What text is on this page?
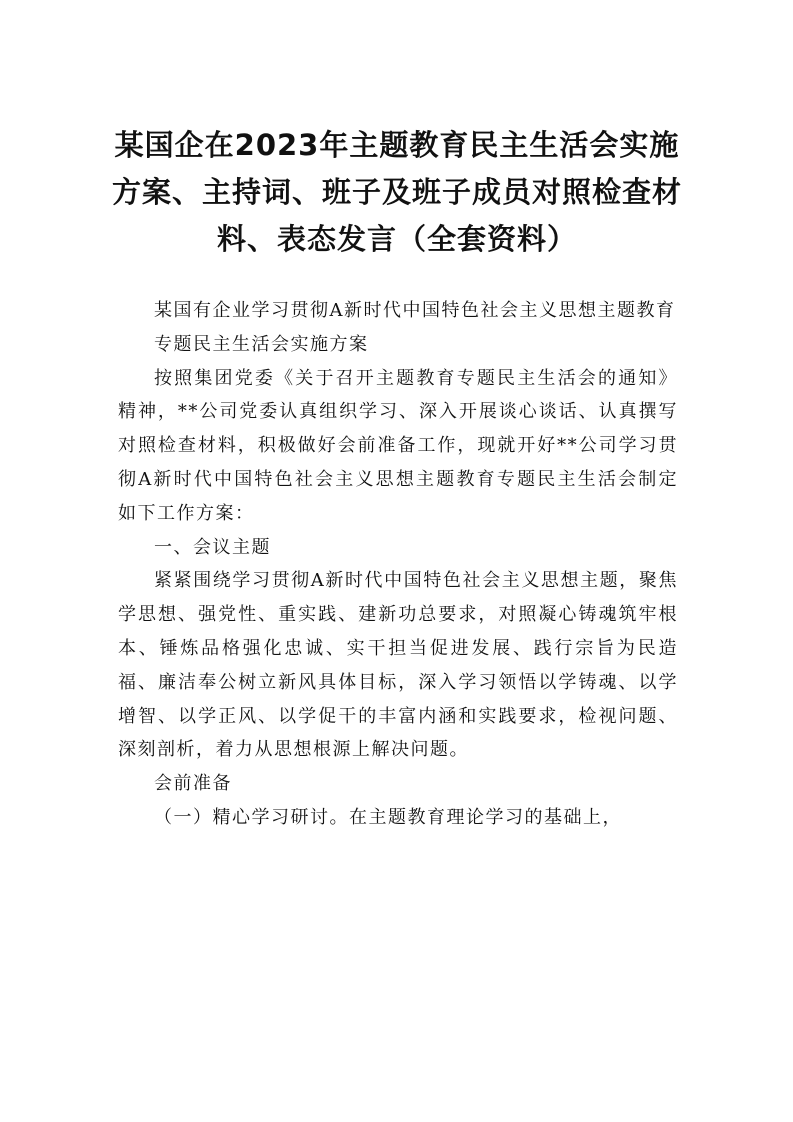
某国企在2023年主题教育民主生活会实施方案、主持词、班子及班子成员对照检查材料、表态发言（全套资料）

某国有企业学习贯彻A新时代中国特色社会主义思想主题教育

专题民主生活会实施方案

按照集团党委《关于召开主题教育专题民主生活会的通知》精神，**公司党委认真组织学习、深入开展谈心谈话、认真撰写对照检查材料，积极做好会前准备工作，现就开好**公司学习贯彻A新时代中国特色社会主义思想主题教育专题民主生活会制定如下工作方案：

一、会议主题

紧紧围绕学习贯彻A新时代中国特色社会主义思想主题，聚焦学思想、强党性、重实践、建新功总要求，对照凝心铸魂筑牢根本、锤炼品格强化忠诚、实干担当促进发展、践行宗旨为民造福、廉洁奉公树立新风具体目标，深入学习领悟以学铸魂、以学增智、以学正风、以学促干的丰富内涵和实践要求，检视问题、深刻剖析，着力从思想根源上解决问题。

会前准备

（一）精心学习研讨。在主题教育理论学习的基础上，
